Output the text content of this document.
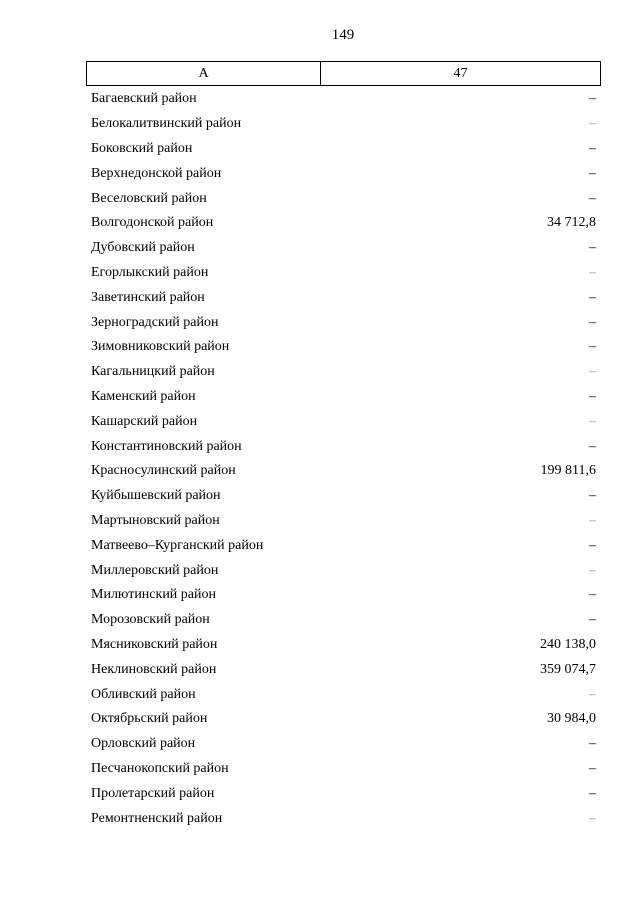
149
А	47
Багаевский район	–
Белокалитвинский район	–
Боковский район	–
Верхнедонской район	–
Веселовский район	–
Волгодонской район	34 712,8
Дубовский район	–
Егорлыкский район	–
Заветинский район	–
Зерноградский район	–
Зимовниковский район	–
Кагальницкий район	–
Каменский район	–
Кашарский район	–
Константиновский район	–
Красносулинский район	199 811,6
Куйбышевский район	–
Мартыновский район	–
Матвеево–Курганский район	–
Миллеровский район	–
Милютинский район	–
Морозовский район	–
Мясниковский район	240 138,0
Неклиновский район	359 074,7
Обливский район	–
Октябрьский район	30 984,0
Орловский район	–
Песчанокопский район	–
Пролетарский район	–
Ремонтненский район	–
